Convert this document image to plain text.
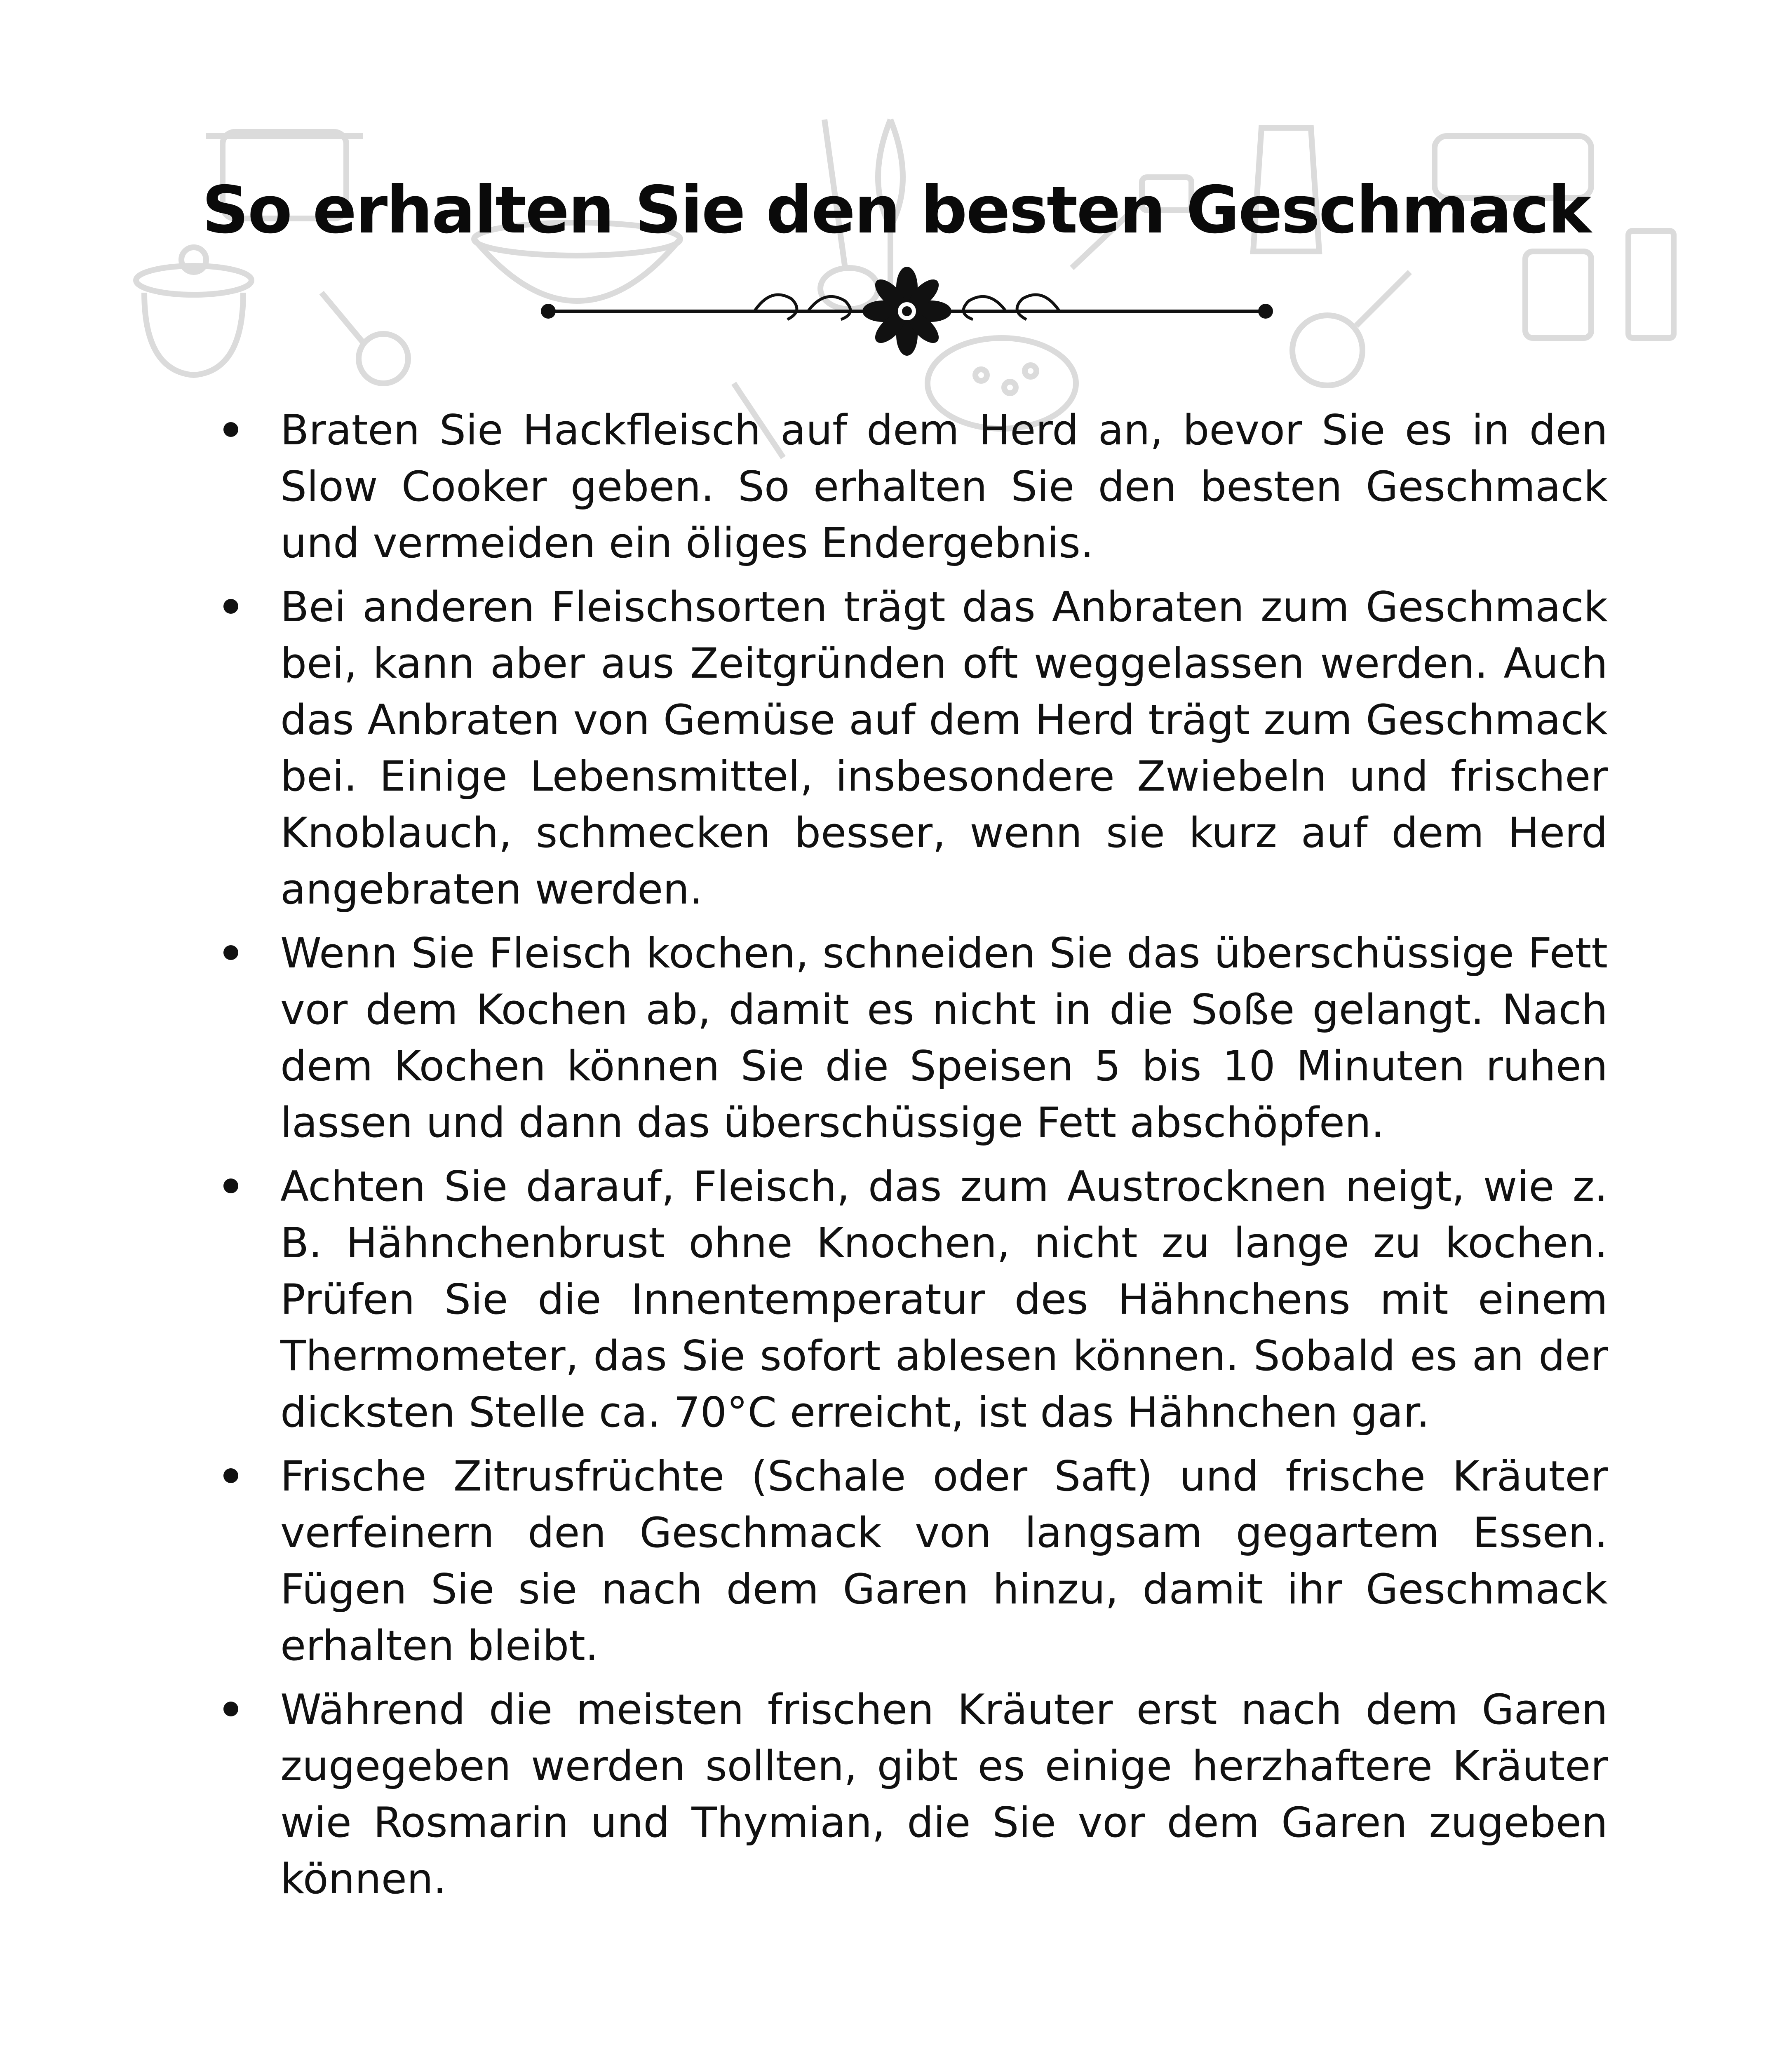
So erhalten Sie den besten Geschmack
Braten Sie Hackfleisch auf dem Herd an, bevor Sie es in den Slow Cooker geben. So erhalten Sie den besten Geschmack und vermeiden ein öliges Endergebnis.
Bei anderen Fleischsorten trägt das Anbraten zum Geschmack bei, kann aber aus Zeitgründen oft weggelassen werden. Auch das Anbraten von Gemüse auf dem Herd trägt zum Geschmack bei. Einige Lebensmittel, insbesondere Zwiebeln und frischer Knoblauch, schmecken besser, wenn sie kurz auf dem Herd angebraten werden.
Wenn Sie Fleisch kochen, schneiden Sie das überschüssige Fett vor dem Kochen ab, damit es nicht in die Soße gelangt. Nach dem Kochen können Sie die Speisen 5 bis 10 Minuten ruhen lassen und dann das überschüssige Fett abschöpfen.
Achten Sie darauf, Fleisch, das zum Austrocknen neigt, wie z. B. Hähnchenbrust ohne Knochen, nicht zu lange zu kochen. Prüfen Sie die Innentemperatur des Hähnchens mit einem Thermometer, das Sie sofort ablesen können. Sobald es an der dicksten Stelle ca. 70°C erreicht, ist das Hähnchen gar.
Frische Zitrusfrüchte (Schale oder Saft) und frische Kräuter verfeinern den Geschmack von langsam gegartem Essen. Fügen Sie sie nach dem Garen hinzu, damit ihr Geschmack erhalten bleibt.
Während die meisten frischen Kräuter erst nach dem Garen zugegeben werden sollten, gibt es einige herzhaftere Kräuter wie Rosmarin und Thymian, die Sie vor dem Garen zugeben können.
